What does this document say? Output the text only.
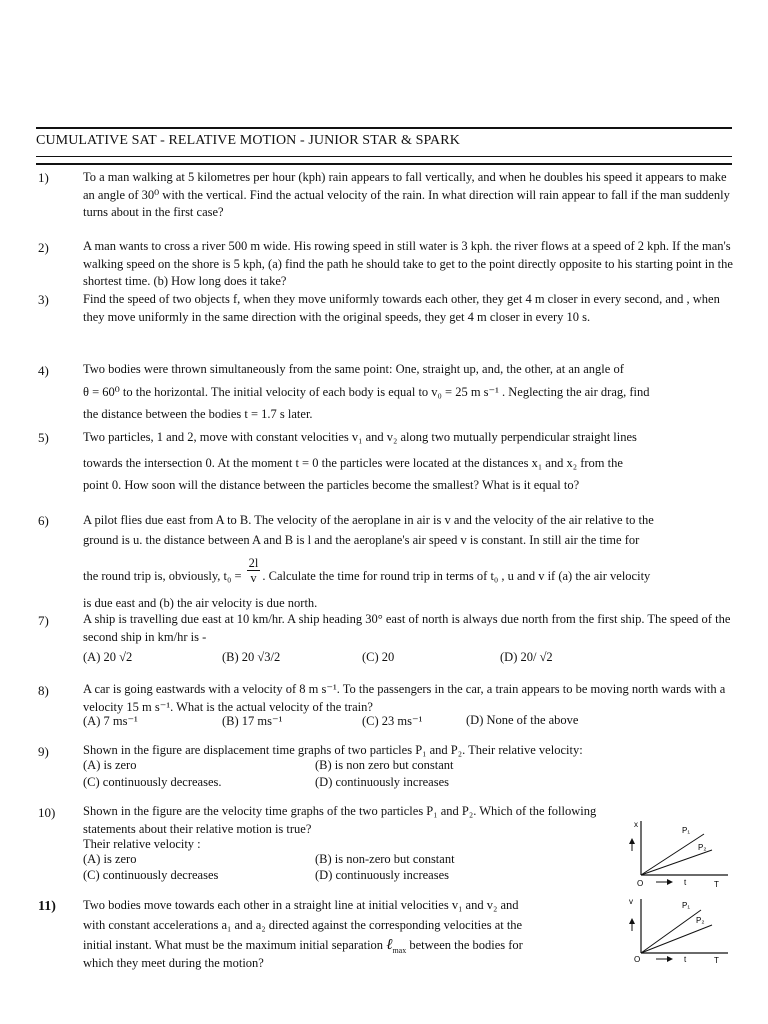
CUMULATIVE SAT - RELATIVE MOTION - JUNIOR STAR & SPARK
1)	To a man walking at 5 kilometres per hour (kph) rain appears to fall vertically, and when he doubles his speed it appears to make an angle of 30⁰ with the vertical. Find the actual velocity of the rain. In what direction will rain appear to fall if the man suddenly turns about in the first case?
2)	A man wants to cross a river 500 m wide. His rowing speed in still water is 3 kph. the river flows at a speed of 2 kph. If the man's walking speed on the shore is 5 kph, (a) find the path he should take to get to the point directly opposite to his starting point in the shortest time. (b) How long does it take?
3)	Find the speed of two objects f, when they move uniformly towards each other, they get 4 m closer in every second, and , when they move uniformly in the same direction with the original speeds, they get 4 m closer in every 10 s.
4)	Two bodies were thrown simultaneously from the same point: One, straight up, and, the other, at an angle of
θ = 60⁰ to the horizontal. The initial velocity of each body is equal to v₀ = 25 m s⁻¹ . Neglecting the air drag, find
the distance between the bodies t = 1.7 s later.
5)	Two particles, 1 and 2, move with constant velocities v₁ and v₂ along two mutually perpendicular straight lines
towards the intersection 0. At the moment t = 0 the particles were located at the distances x₁ and x₂ from the
point 0. How soon will the distance between the particles become the smallest? What is it equal to?
6)	A pilot flies due east from A to B. The velocity of the aeroplane in air is v and the velocity of the air relative to the
ground is u. the distance between A and B is l and the aeroplane's air speed v is constant. In still air the time for
the round trip is, obviously, $t_0 = \frac{2l}{v}$ . Calculate the time for round trip in terms of t₀ , u and v if (a) the air velocity
is due east and (b) the air velocity is due north.
7)	A ship is travelling due east at 10 km/hr. A ship heading 30° east of north is always due north from the first ship. The speed of the second ship in km/hr is -
(A) 20 √2	(B) 20 √3/2	(C) 20	(D) 20/ √2
8)	A car is going eastwards with a velocity of 8 m s⁻¹. To the passengers in the car, a train appears to be moving north wards with a velocity 15 m s⁻¹. What is the actual velocity of the train?
(A) 7 ms⁻¹	(B) 17 ms⁻¹	(C) 23 ms⁻¹	(D) None of the above
9)	Shown in the figure are displacement time graphs of two particles P₁ and P₂. Their relative velocity:
(A) is zero	(B) is non zero but constant
(C) continuously decreases.	(D) continuously increases
10) Shown in the figure are the velocity time graphs of the two particles P₁ and P₂. Which of the following statements about their relative motion is true?
Their relative velocity :
(A) is zero	(B) is non-zero but constant
(C) continuously decreases	(D) continuously increases
11) Two bodies move towards each other in a straight line at initial velocities v₁ and v₂ and
with constant accelerations a₁ and a₂ directed against the corresponding velocities at the
initial instant. What must be the maximum initial separation ℓ$_{max}$ between the bodies for
which they meet during the motion?
x
P₁
P₂
O	t	T
v	P₁
P₂
O	t	T
